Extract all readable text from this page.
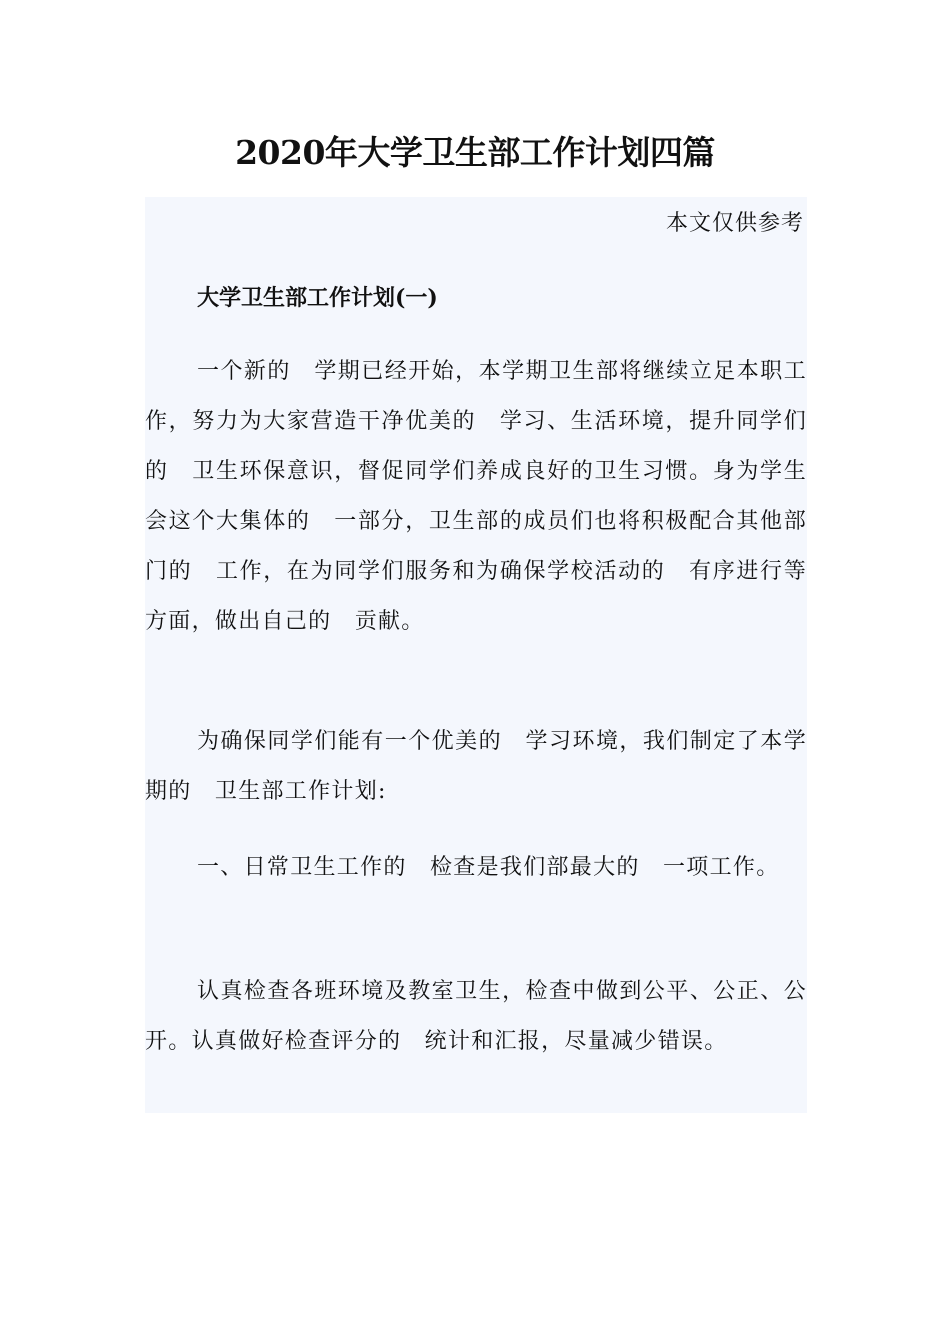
2020年大学卫生部工作计划四篇
本文仅供参考
大学卫生部工作计划(一)

一个新的　学期已经开始，本学期卫生部将继续立足本职工作，努力为大家营造干净优美的　学习、生活环境，提升同学们的　卫生环保意识，督促同学们养成良好的卫生习惯。身为学生会这个大集体的　一部分，卫生部的成员们也将积极配合其他部门的　工作，在为同学们服务和为确保学校活动的　有序进行等方面，做出自己的　贡献。

为确保同学们能有一个优美的　学习环境，我们制定了本学期的　卫生部工作计划:

一、日常卫生工作的　检查是我们部最大的　一项工作。

认真检查各班环境及教室卫生，检查中做到公平、公正、公开。认真做好检查评分的　统计和汇报，尽量减少错误。
